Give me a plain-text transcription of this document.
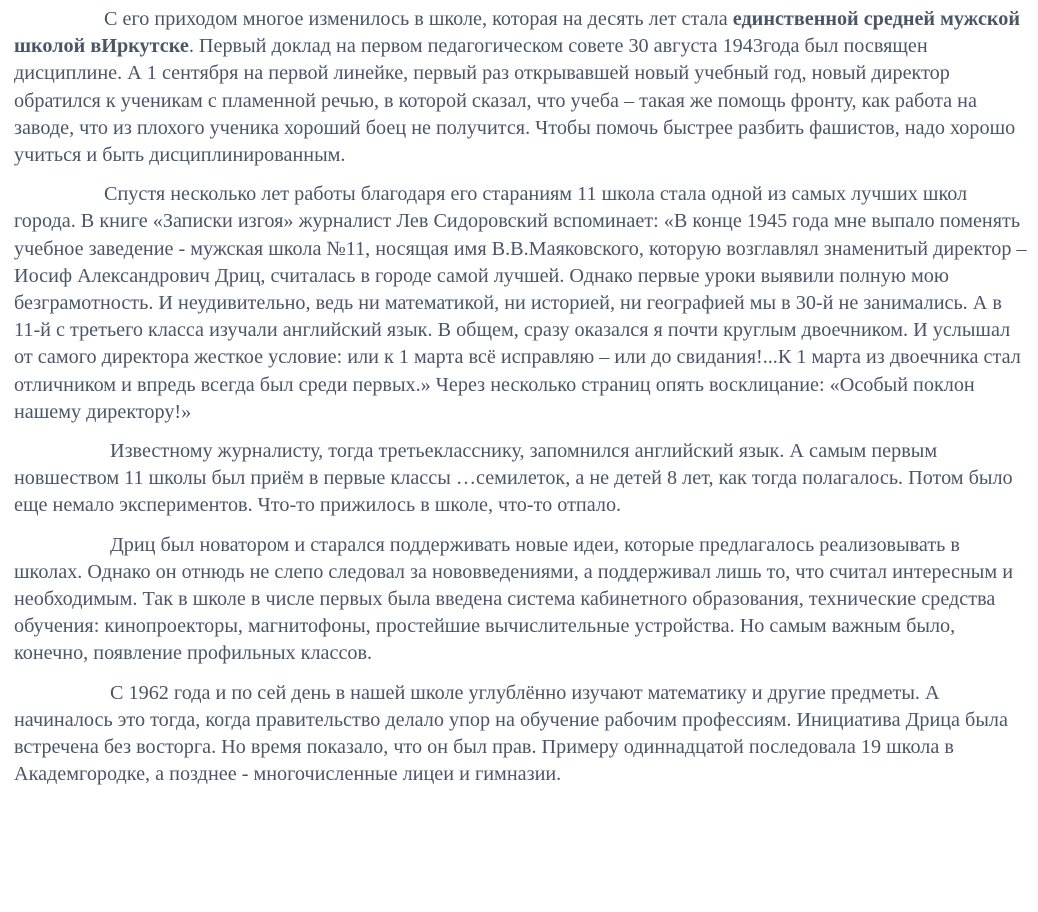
С его приходом многое изменилось в школе, которая на десять лет стала единственной средней мужской школой вИркутске. Первый доклад на первом педагогическом совете 30 августа 1943года был посвящен дисциплине. А 1 сентября на первой линейке, первый раз открывавшей новый учебный год, новый директор обратился к ученикам с пламенной речью, в которой сказал, что учеба – такая же помощь фронту, как работа на заводе, что из плохого ученика хороший боец не получится. Чтобы помочь быстрее разбить фашистов, надо хорошо учиться и быть дисциплинированным.

Спустя несколько лет работы благодаря его стараниям 11 школа стала одной из самых лучших школ города. В книге «Записки изгоя» журналист Лев Сидоровский вспоминает: «В конце 1945 года мне выпало поменять учебное заведение - мужская школа №11, носящая имя В.В.Маяковского, которую возглавлял знаменитый директор – Иосиф Александрович Дриц, считалась в городе самой лучшей. Однако первые уроки выявили полную мою безграмотность. И неудивительно, ведь ни математикой, ни историей, ни географией мы в 30-й не занимались. А в 11-й с третьего класса изучали английский язык. В общем, сразу оказался я почти круглым двоечником. И услышал от самого директора жесткое условие: или к 1 марта всё исправляю – или до свидания!...К 1 марта из двоечника стал отличником и впредь всегда был среди первых.» Через несколько страниц опять восклицание: «Особый поклон нашему директору!»

Известному журналисту, тогда третьекласснику, запомнился английский язык. А самым первым новшеством 11 школы был приём в первые классы …семилеток, а не детей 8 лет, как тогда полагалось. Потом было еще немало экспериментов. Что-то прижилось в школе, что-то отпало.

Дриц был новатором и старался поддерживать новые идеи, которые предлагалось реализовывать в школах. Однако он отнюдь не слепо следовал за нововведениями, а поддерживал лишь то, что считал интересным и необходимым. Так в школе в числе первых была введена система кабинетного образования, технические средства обучения: кинопроекторы, магнитофоны, простейшие вычислительные устройства. Но самым важным было, конечно, появление профильных классов.

С 1962 года и по сей день в нашей школе углублённо изучают математику и другие предметы. А начиналось это тогда, когда правительство делало упор на обучение рабочим профессиям. Инициатива Дрица была встречена без восторга. Но время показало, что он был прав. Примеру одиннадцатой последовала 19 школа в Академгородке, а позднее - многочисленные лицеи и гимназии.
